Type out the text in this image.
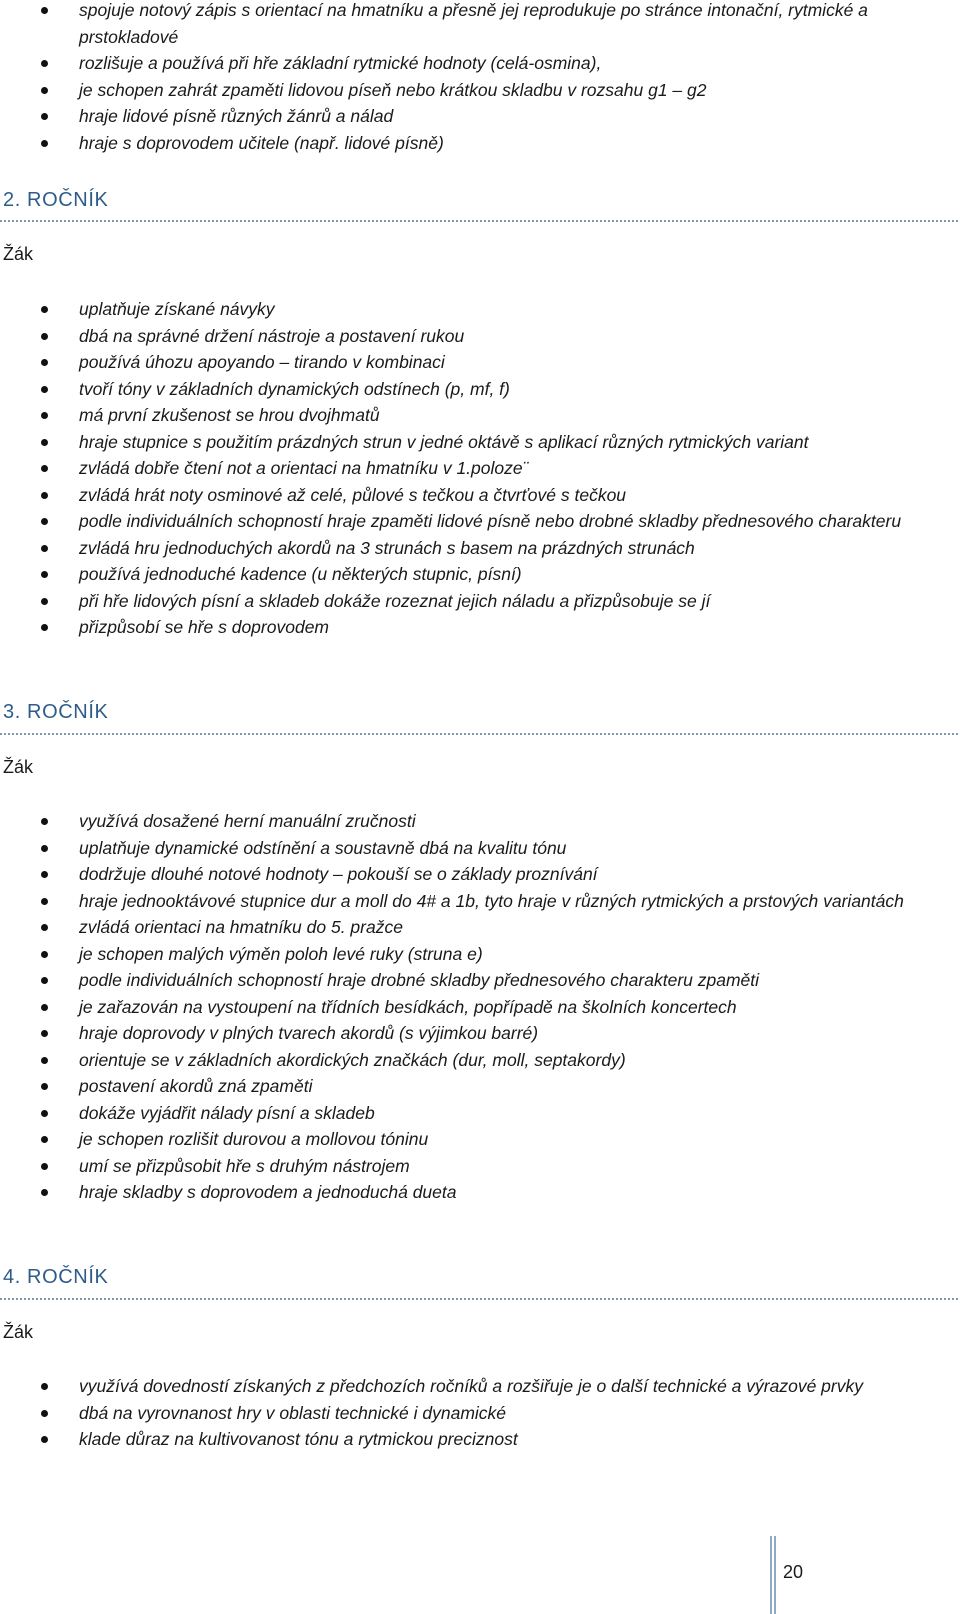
spojuje notový zápis s orientací na hmatníku a přesně jej reprodukuje po stránce intonační, rytmické a prstokladové
rozlišuje a používá při hře základní rytmické hodnoty (celá-osmina),
je schopen zahrát zpaměti lidovou píseň nebo krátkou skladbu v rozsahu g1 – g2
hraje lidové písně různých žánrů a nálad
hraje s doprovodem učitele (např. lidové písně)
2. ROČNÍK
Žák
uplatňuje získané návyky
dbá na správné držení nástroje a postavení rukou
používá úhozu apoyando – tirando v kombinaci
tvoří tóny v základních dynamických odstínech (p, mf, f)
má první zkušenost se hrou dvojhmatů
hraje stupnice s použitím prázdných strun v jedné oktávě s aplikací různých rytmických variant
zvládá dobře čtení not a orientaci na hmatníku v 1.poloze¨
zvládá hrát noty osminové až celé, půlové s tečkou a čtvrťové s tečkou
podle individuálních schopností hraje zpaměti lidové písně nebo drobné skladby přednesového charakteru
zvládá hru jednoduchých akordů na 3 strunách s basem na prázdných strunách
používá jednoduché kadence (u některých stupnic, písní)
při hře lidových písní a skladeb dokáže rozeznat jejich náladu a přizpůsobuje se jí
přizpůsobí se hře s doprovodem
3. ROČNÍK
Žák
využívá dosažené herní manuální zručnosti
uplatňuje dynamické odstínění a soustavně dbá na kvalitu tónu
dodržuje dlouhé notové hodnoty – pokouší se o základy proznívání
hraje jednooktávové stupnice dur a moll do 4# a 1b, tyto hraje v různých rytmických a prstových variantách
zvládá orientaci na hmatníku do 5. pražce
je schopen malých výměn poloh levé ruky (struna e)
podle individuálních schopností hraje drobné skladby přednesového charakteru zpaměti
je zařazován na vystoupení na třídních besídkách, popřípadě na školních koncertech
hraje doprovody v plných tvarech akordů (s výjimkou barré)
orientuje se v základních akordických značkách (dur, moll, septakordy)
postavení akordů zná zpaměti
dokáže vyjádřit nálady písní a skladeb
je schopen rozlišit durovou a mollovou tóninu
umí se přizpůsobit hře s druhým nástrojem
hraje skladby s doprovodem a jednoduchá dueta
4. ROČNÍK
Žák
využívá dovedností získaných z předchozích ročníků a rozšiřuje je o další technické a výrazové prvky
dbá na vyrovnanost hry v oblasti technické i dynamické
klade důraz na kultivovanost tónu a rytmickou preciznost
20
